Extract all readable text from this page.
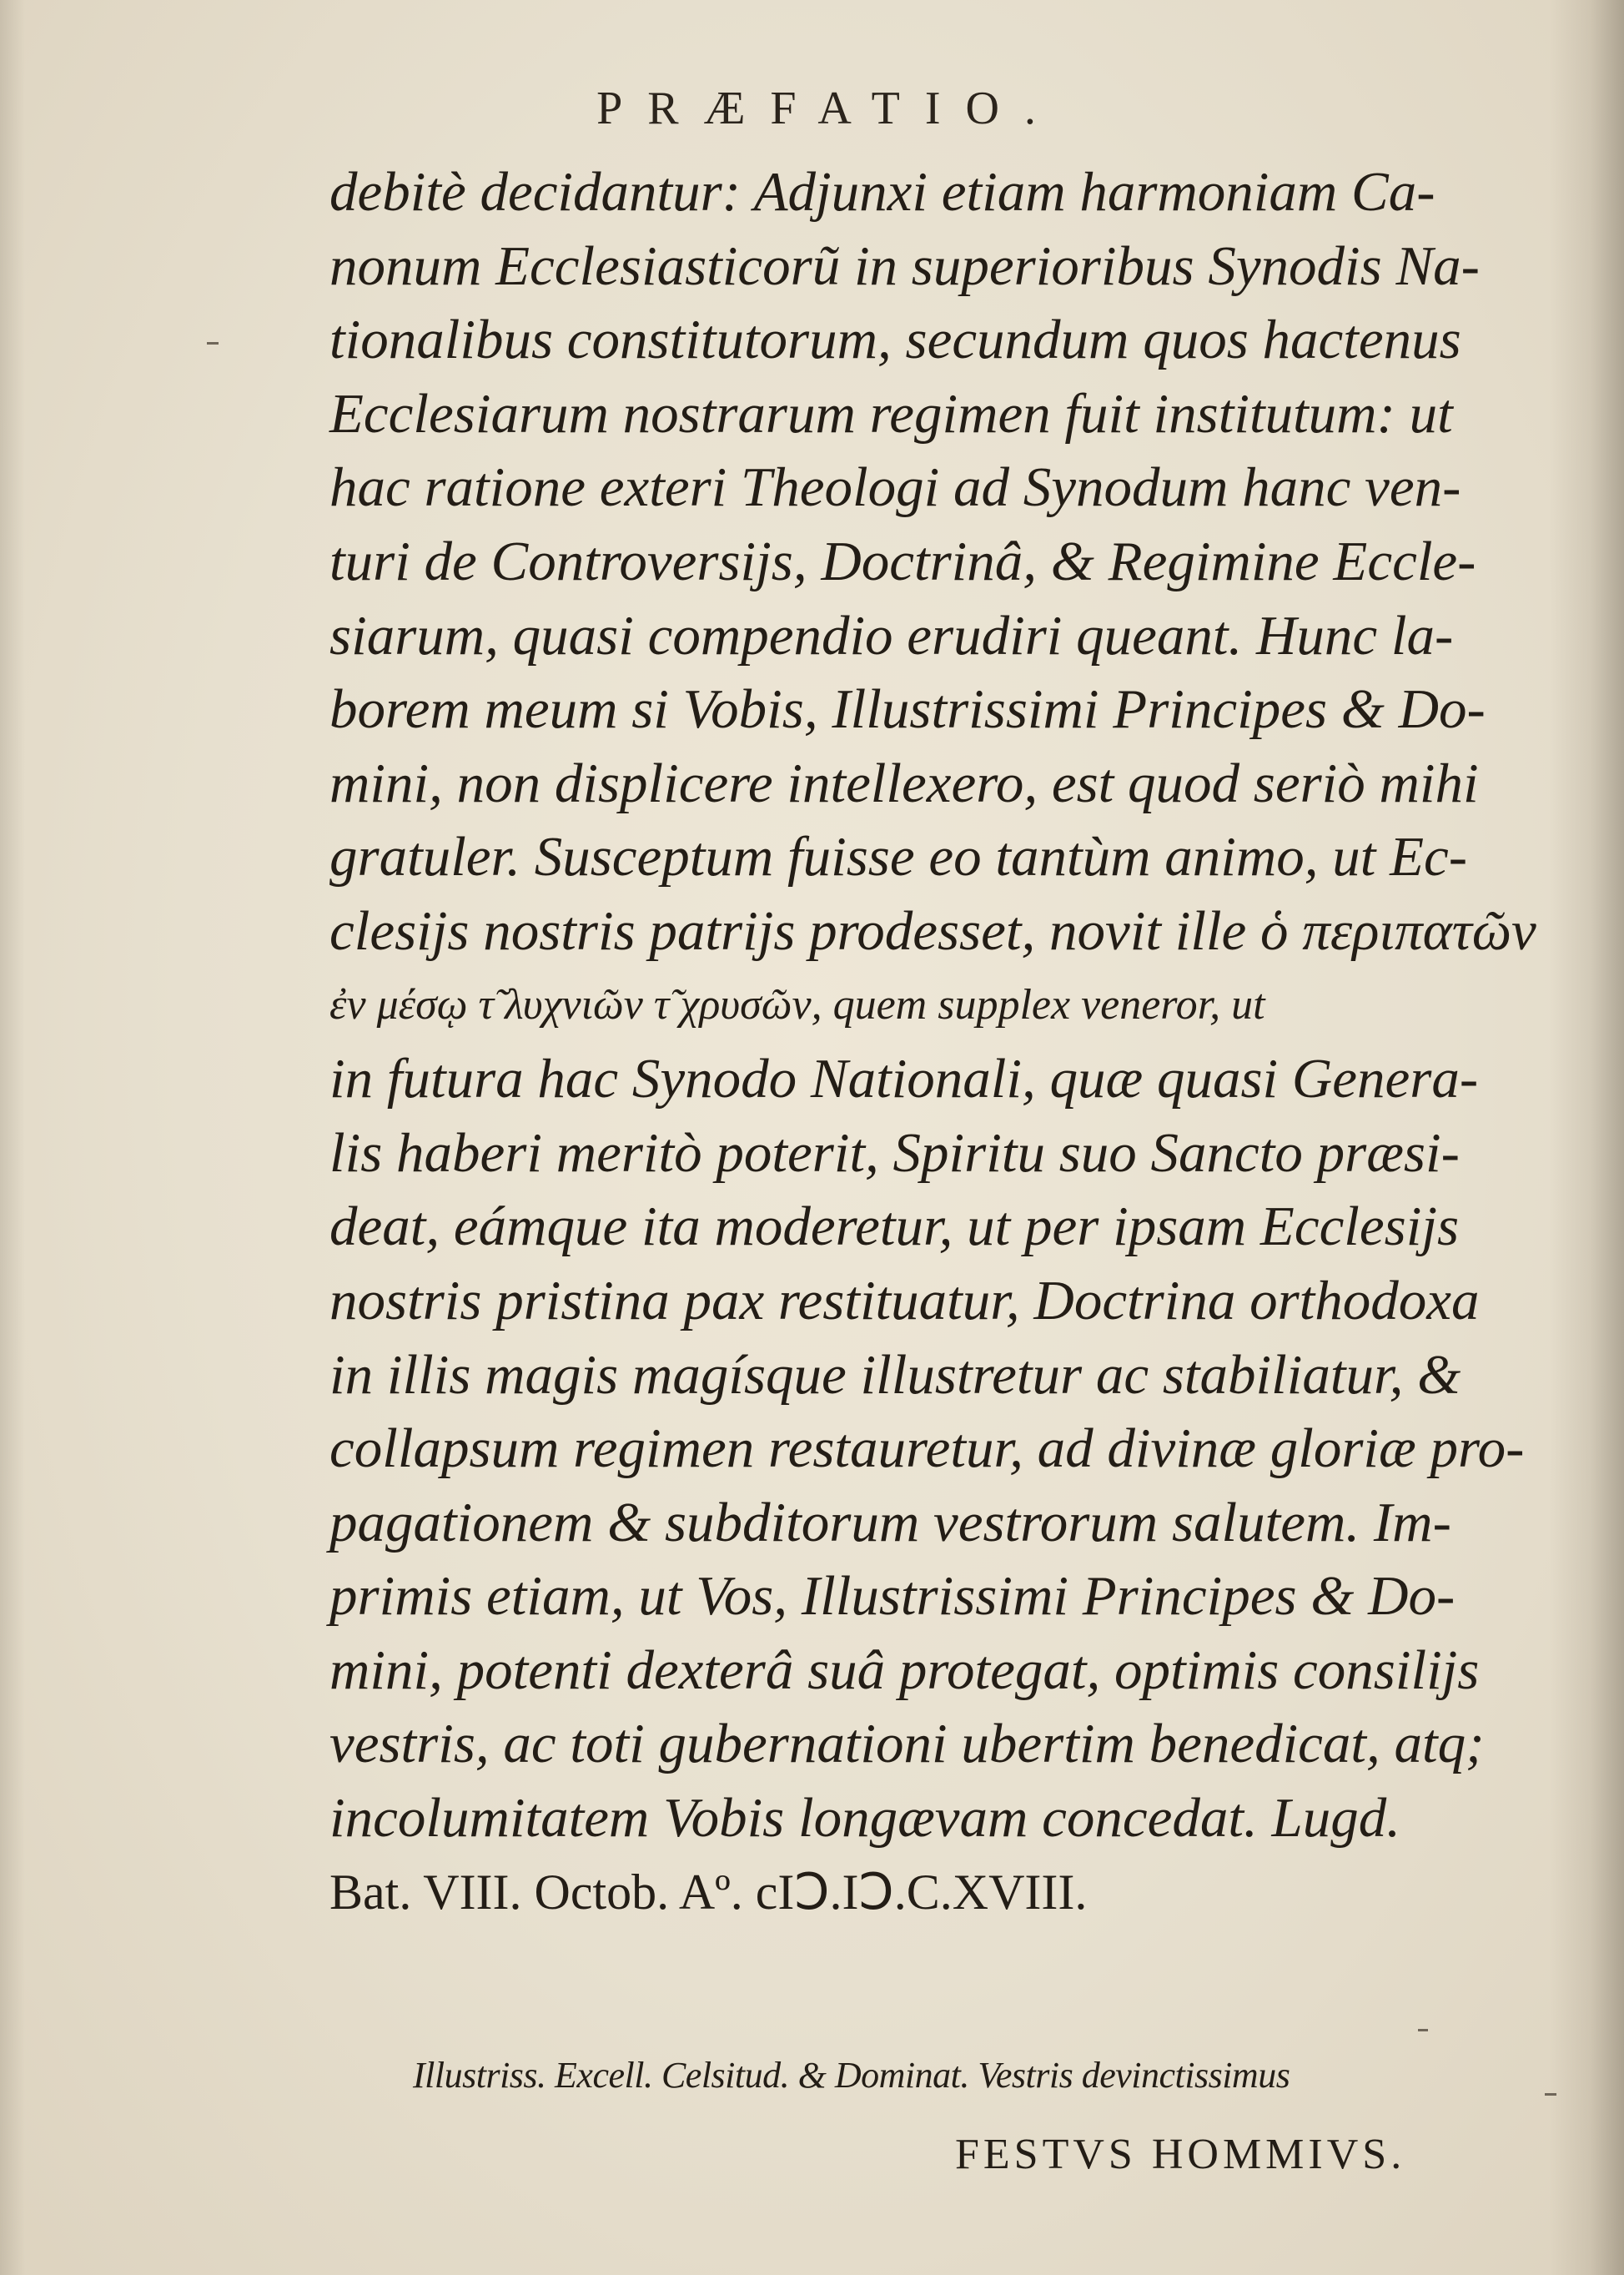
PRÆFATIO.
debitè decidantur: Adjunxi etiam harmoniam Ca-
nonum Ecclesiasticorũ in superioribus Synodis Na-
tionalibus constitutorum, secundum quos hactenus
Ecclesiarum nostrarum regimen fuit institutum: ut
hac ratione exteri Theologi ad Synodum hanc ven-
turi de Controversijs, Doctrinâ, & Regimine Eccle-
siarum, quasi compendio erudiri queant. Hunc la-
borem meum si Vobis, Illustrissimi Principes & Do-
mini, non displicere intellexero, est quod seriò mihi
gratuler. Susceptum fuisse eo tantùm animo, ut Ec-
clesijs nostris patrijs prodesset, novit ille ὁ περιπατῶν
ἐν μέσῳ τ̃ λυχνιῶν τ̃ χρυσῶν, quem supplex veneror, ut
in futura hac Synodo Nationali, quæ quasi Genera-
lis haberi meritò poterit, Spiritu suo Sancto præsi-
deat, eámque ita moderetur, ut per ipsam Ecclesijs
nostris pristina pax restituatur, Doctrina orthodoxa
in illis magis magísque illustretur ac stabiliatur, &
collapsum regimen restauretur, ad divinæ gloriæ pro-
pagationem & subditorum vestrorum salutem. Im-
primis etiam, ut Vos, Illustrissimi Principes & Do-
mini, potenti dexterâ suâ protegat, optimis consilijs
vestris, ac toti gubernationi ubertim benedicat, atq;
incolumitatem Vobis longævam concedat. Lugd.
Bat. VIII. Octob. Aº. cIↃ.IↃ.C.XVIII.
Illustriss. Excell. Celsitud. & Dominat. Vestris devinctissimus
FESTVS HOMMIVS.
